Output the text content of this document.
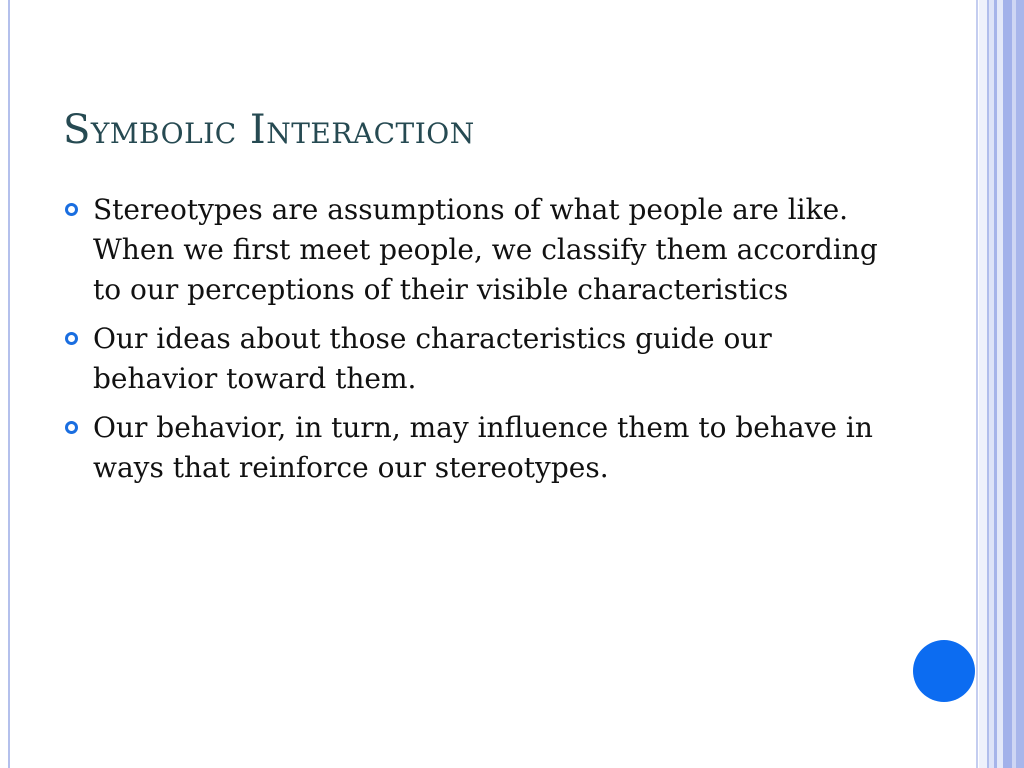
Symbolic Interaction
Stereotypes are assumptions of what people are like. When we first meet people, we classify them according to our perceptions of their visible characteristics
Our ideas about those characteristics guide our behavior toward them.
Our behavior, in turn, may influence them to behave in ways that reinforce our stereotypes.
